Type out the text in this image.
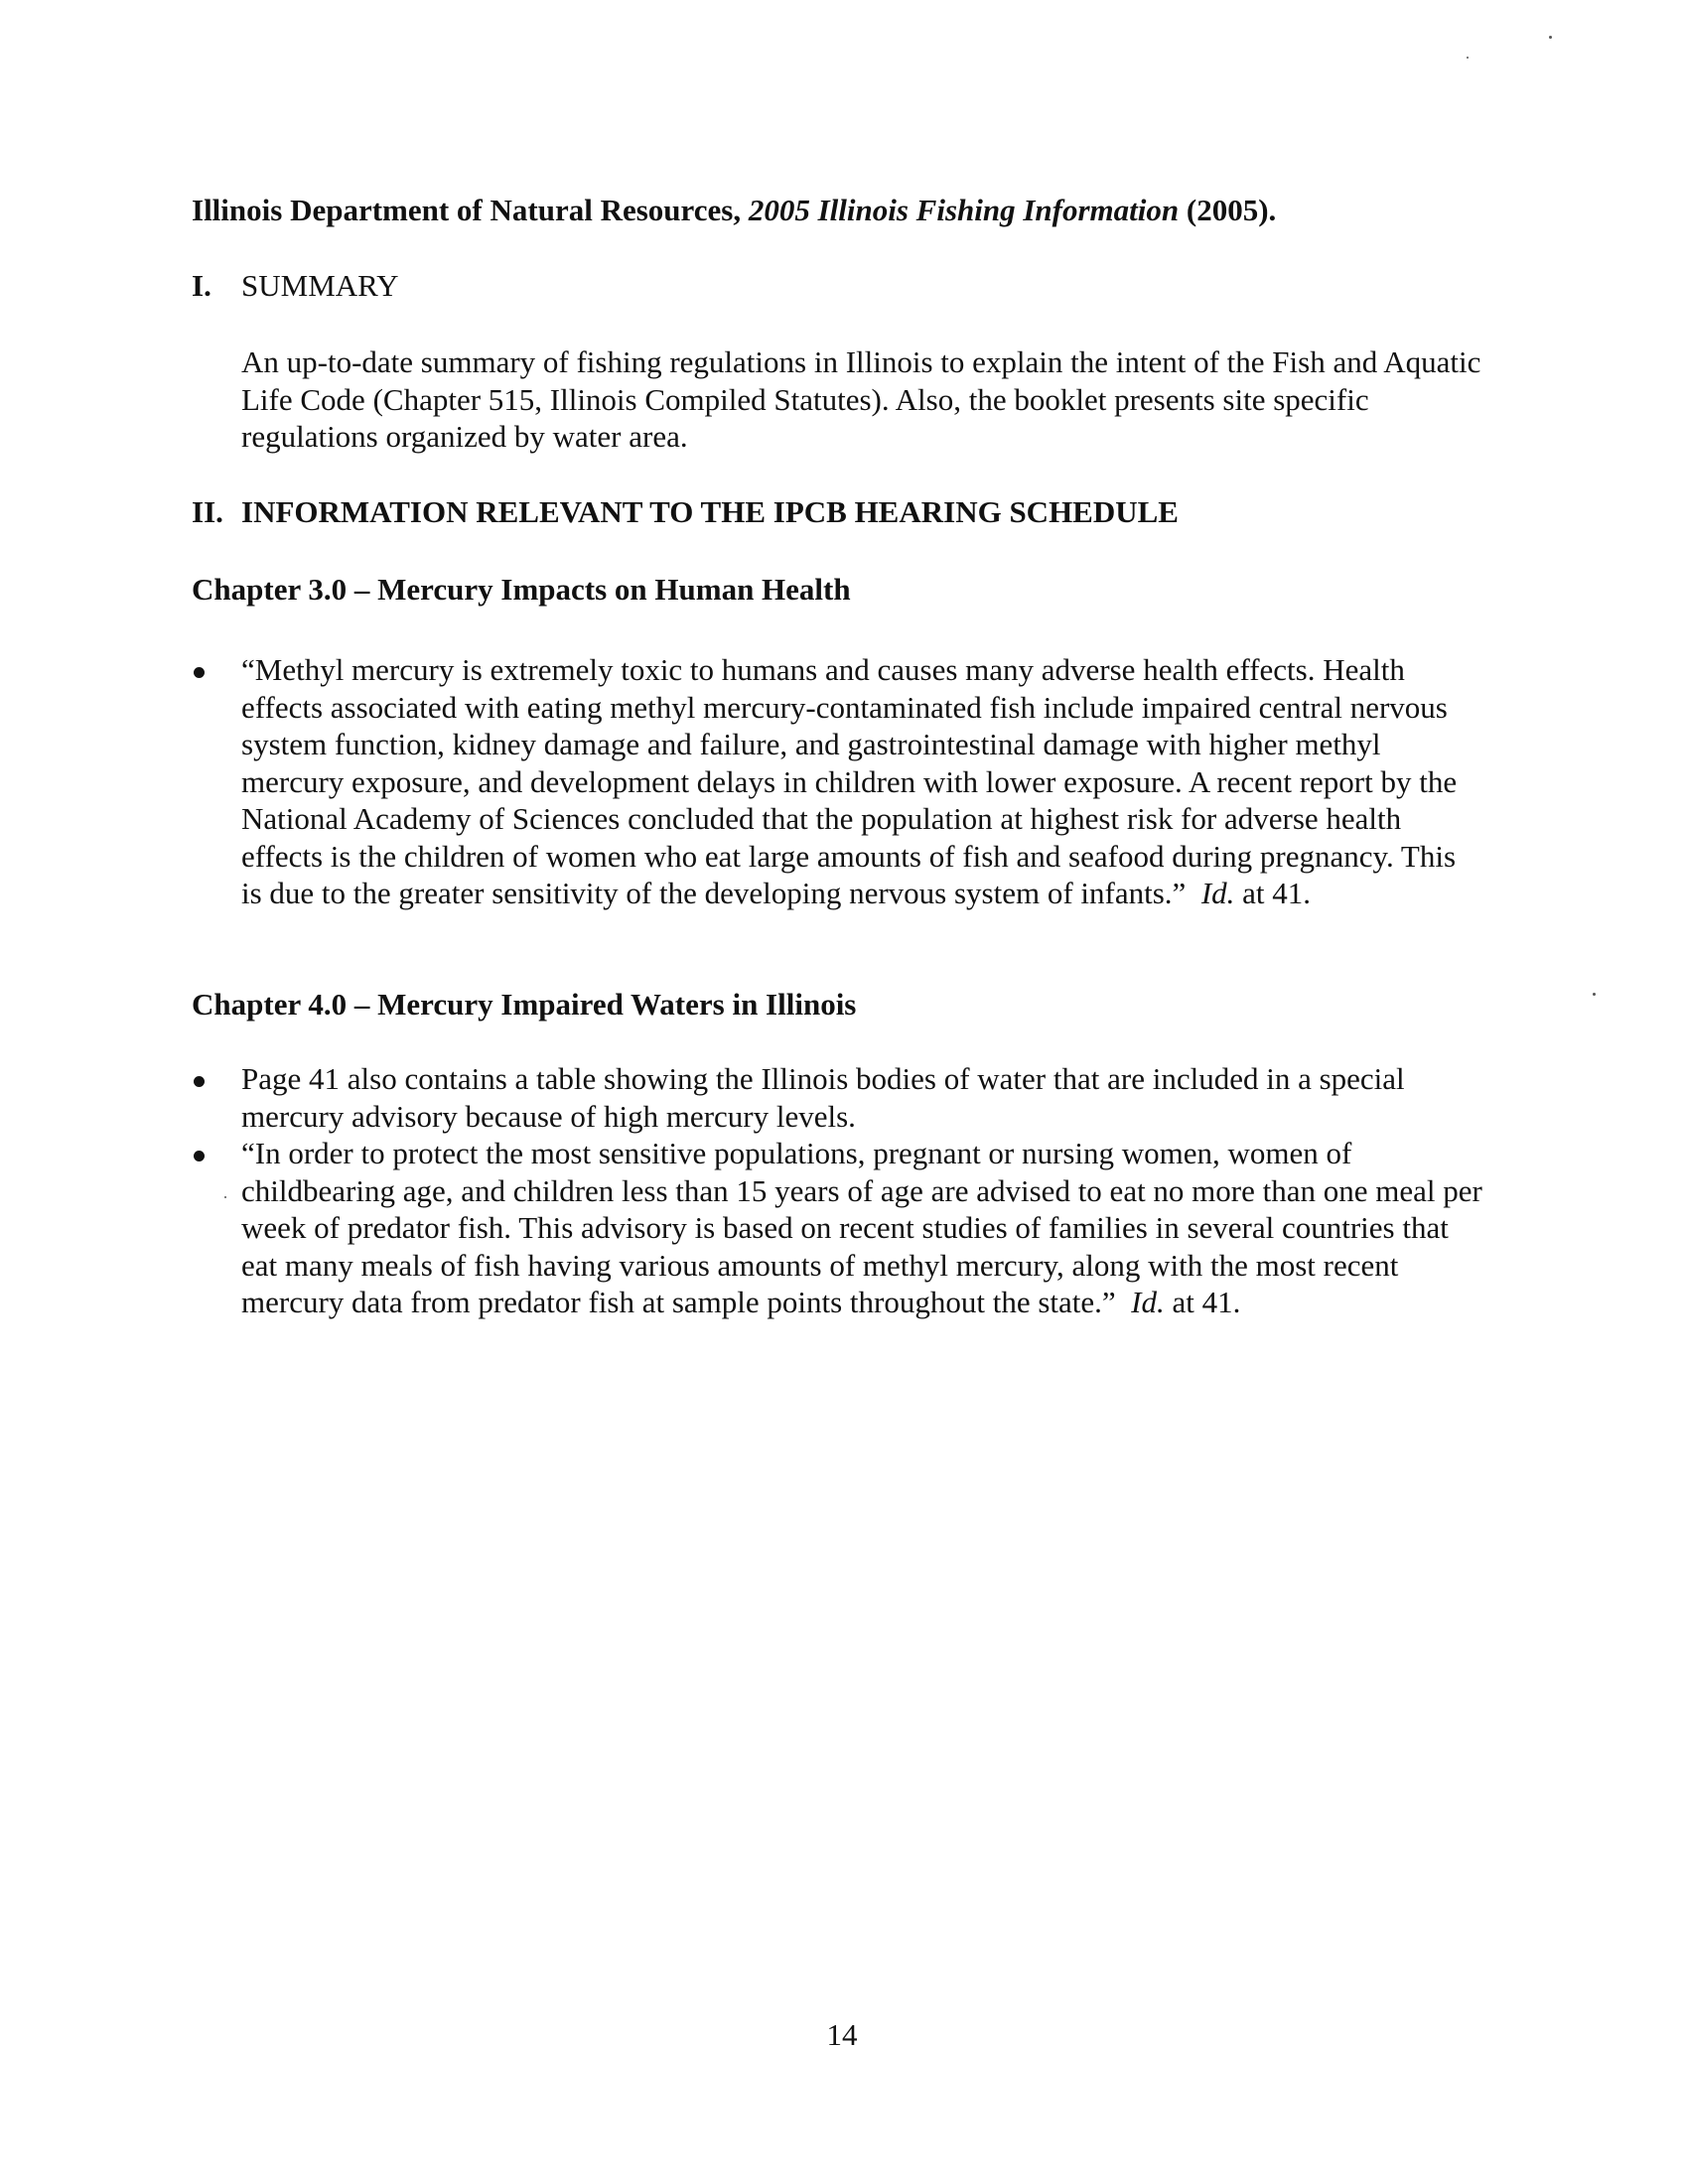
Illinois Department of Natural Resources, 2005 Illinois Fishing Information (2005).
I. SUMMARY
An up-to-date summary of fishing regulations in Illinois to explain the intent of the Fish and Aquatic Life Code (Chapter 515, Illinois Compiled Statutes). Also, the booklet presents site specific regulations organized by water area.
II. INFORMATION RELEVANT TO THE IPCB HEARING SCHEDULE
Chapter 3.0 – Mercury Impacts on Human Health
“Methyl mercury is extremely toxic to humans and causes many adverse health effects. Health effects associated with eating methyl mercury-contaminated fish include impaired central nervous system function, kidney damage and failure, and gastrointestinal damage with higher methyl mercury exposure, and development delays in children with lower exposure. A recent report by the National Academy of Sciences concluded that the population at highest risk for adverse health effects is the children of women who eat large amounts of fish and seafood during pregnancy. This is due to the greater sensitivity of the developing nervous system of infants.” Id. at 41.
Chapter 4.0 – Mercury Impaired Waters in Illinois
Page 41 also contains a table showing the Illinois bodies of water that are included in a special mercury advisory because of high mercury levels.
“In order to protect the most sensitive populations, pregnant or nursing women, women of childbearing age, and children less than 15 years of age are advised to eat no more than one meal per week of predator fish. This advisory is based on recent studies of families in several countries that eat many meals of fish having various amounts of methyl mercury, along with the most recent mercury data from predator fish at sample points throughout the state.” Id. at 41.
14
